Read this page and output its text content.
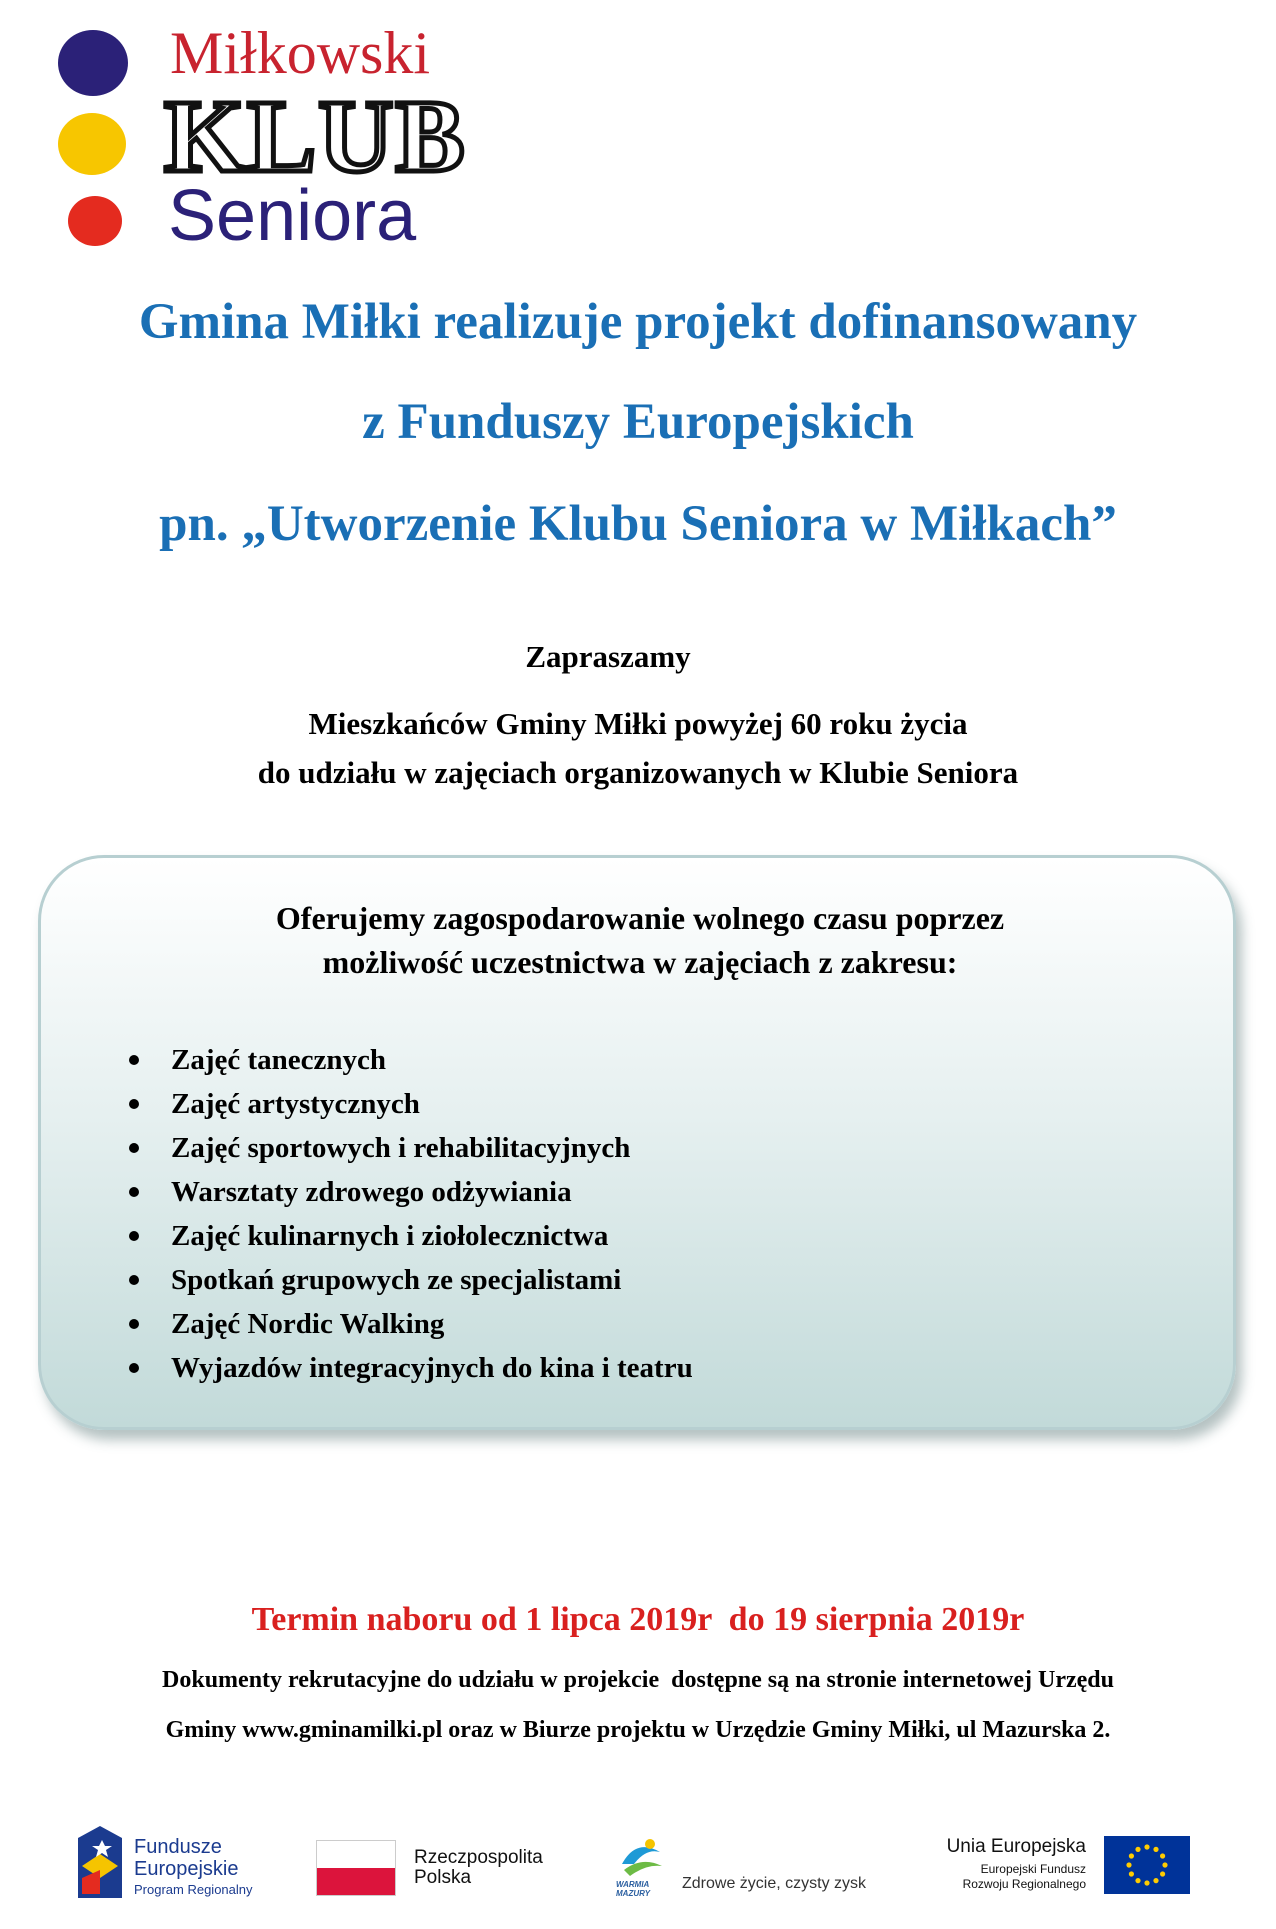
Miłkowski
KLUB
Seniora
Gmina Miłki realizuje projekt dofinansowany
z Funduszy Europejskich
pn. „Utworzenie Klubu Seniora w Miłkach”
Zapraszamy
Mieszkańców Gminy Miłki powyżej 60 roku życia
do udziału w zajęciach organizowanych w Klubie Seniora
Oferujemy zagospodarowanie wolnego czasu poprzez
możliwość uczestnictwa w zajęciach z zakresu:
Zajęć tanecznych
Zajęć artystycznych
Zajęć sportowych i rehabilitacyjnych
Warsztaty zdrowego odżywiania
Zajęć kulinarnych i ziołolecznictwa
Spotkań grupowych ze specjalistami
Zajęć Nordic Walking
Wyjazdów integracyjnych do kina i teatru
Termin naboru od 1 lipca 2019r  do 19 sierpnia 2019r
Dokumenty rekrutacyjne do udziału w projekcie  dostępne są na stronie internetowej Urzędu
Gminy www.gminamilki.pl oraz w Biurze projektu w Urzędzie Gminy Miłki, ul Mazurska 2.
Fundusze
Europejskie
Program Regionalny
Rzeczpospolita
Polska	WARMIA
MAZURY
Zdrowe życie, czysty zysk
Unia Europejska
Europejski Fundusz
Rozwoju Regionalnego
